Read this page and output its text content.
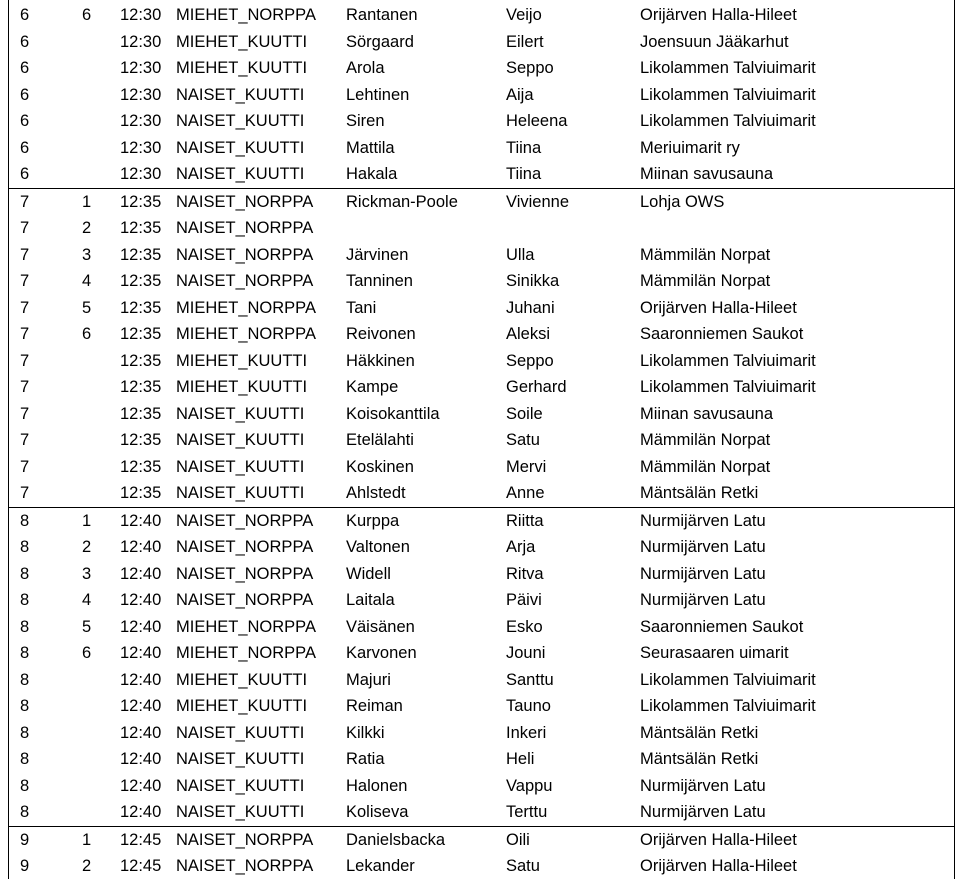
6	6	12:30	MIEHET_NORPPA	Rantanen	Veijo	Orijärven Halla-Hileet
6		12:30	MIEHET_KUUTTI	Sörgaard	Eilert	Joensuun Jääkarhut
6		12:30	MIEHET_KUUTTI	Arola	Seppo	Likolammen Talviuimarit
6		12:30	NAISET_KUUTTI	Lehtinen	Aija	Likolammen Talviuimarit
6		12:30	NAISET_KUUTTI	Siren	Heleena	Likolammen Talviuimarit
6		12:30	NAISET_KUUTTI	Mattila	Tiina	Meriuimarit ry
6		12:30	NAISET_KUUTTI	Hakala	Tiina	Miinan savusauna
7	1	12:35	NAISET_NORPPA	Rickman-Poole	Vivienne	Lohja OWS
7	2	12:35	NAISET_NORPPA			
7	3	12:35	NAISET_NORPPA	Järvinen	Ulla	Mämmilän Norpat
7	4	12:35	NAISET_NORPPA	Tanninen	Sinikka	Mämmilän Norpat
7	5	12:35	MIEHET_NORPPA	Tani	Juhani	Orijärven Halla-Hileet
7	6	12:35	MIEHET_NORPPA	Reivonen	Aleksi	Saaronniemen Saukot
7		12:35	MIEHET_KUUTTI	Häkkinen	Seppo	Likolammen Talviuimarit
7		12:35	MIEHET_KUUTTI	Kampe	Gerhard	Likolammen Talviuimarit
7		12:35	NAISET_KUUTTI	Koisokanttila	Soile	Miinan savusauna
7		12:35	NAISET_KUUTTI	Etelälahti	Satu	Mämmilän Norpat
7		12:35	NAISET_KUUTTI	Koskinen	Mervi	Mämmilän Norpat
7		12:35	NAISET_KUUTTI	Ahlstedt	Anne	Mäntsälän Retki
8	1	12:40	NAISET_NORPPA	Kurppa	Riitta	Nurmijärven Latu
8	2	12:40	NAISET_NORPPA	Valtonen	Arja	Nurmijärven Latu
8	3	12:40	NAISET_NORPPA	Widell	Ritva	Nurmijärven Latu
8	4	12:40	NAISET_NORPPA	Laitala	Päivi	Nurmijärven Latu
8	5	12:40	MIEHET_NORPPA	Väisänen	Esko	Saaronniemen Saukot
8	6	12:40	MIEHET_NORPPA	Karvonen	Jouni	Seurasaaren uimarit
8		12:40	MIEHET_KUUTTI	Majuri	Santtu	Likolammen Talviuimarit
8		12:40	MIEHET_KUUTTI	Reiman	Tauno	Likolammen Talviuimarit
8		12:40	NAISET_KUUTTI	Kilkki	Inkeri	Mäntsälän Retki
8		12:40	NAISET_KUUTTI	Ratia	Heli	Mäntsälän Retki
8		12:40	NAISET_KUUTTI	Halonen	Vappu	Nurmijärven Latu
8		12:40	NAISET_KUUTTI	Koliseva	Terttu	Nurmijärven Latu
9	1	12:45	NAISET_NORPPA	Danielsbacka	Oili	Orijärven Halla-Hileet
9	2	12:45	NAISET_NORPPA	Lekander	Satu	Orijärven Halla-Hileet
